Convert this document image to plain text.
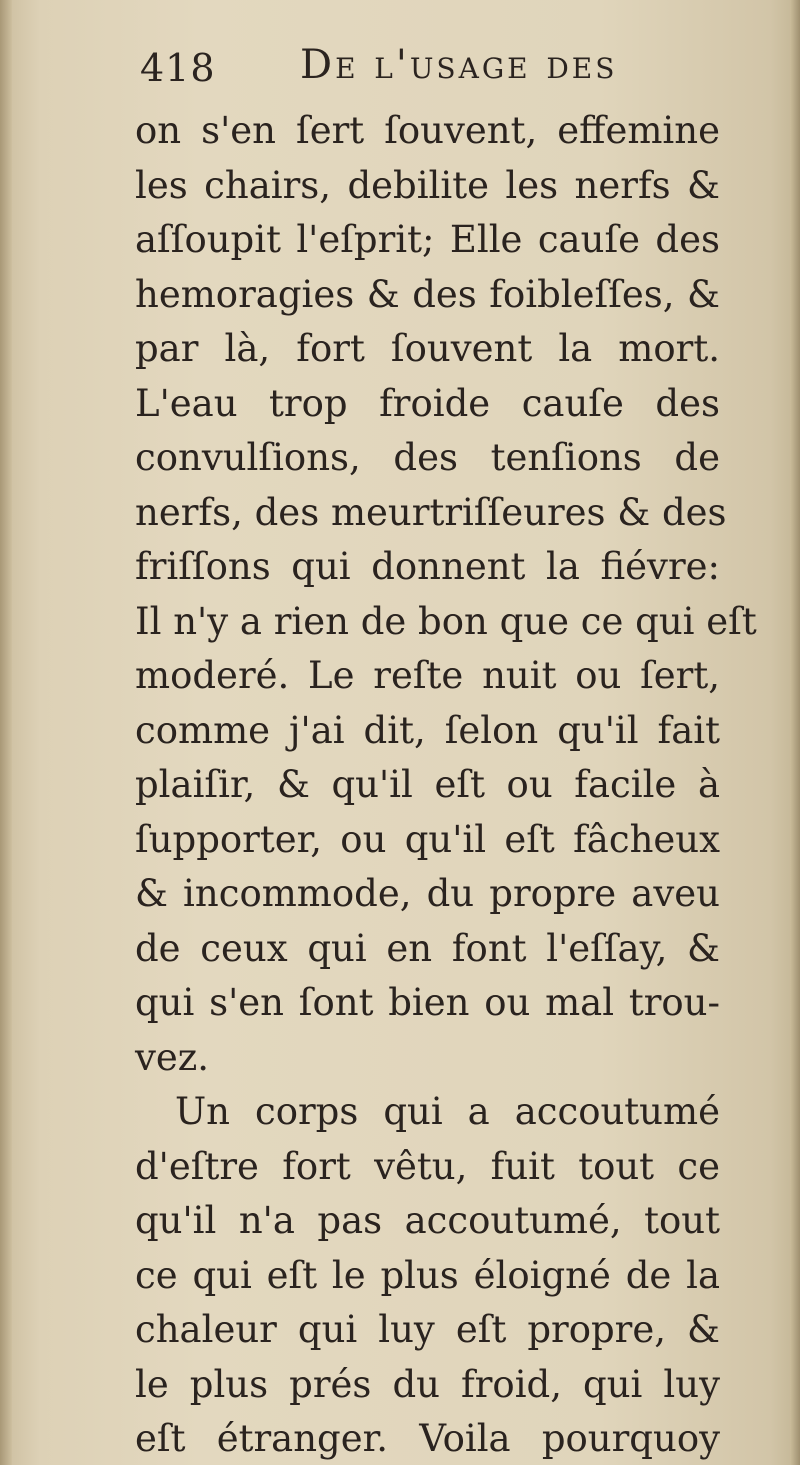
418 De l'usage des
on s'en ſert ſouvent, effemine
les chairs, debilite les nerfs &
aſſoupit l'eſprit; Elle cauſe des
hemoragies & des foibleſſes, &
par là, fort ſouvent la mort.
L'eau trop froide cauſe des
convulſions, des tenſions de
nerfs, des meurtriſſeures & des
friſſons qui donnent la fiévre:
Il n'y a rien de bon que ce qui eſt
moderé. Le reſte nuit ou ſert,
comme j'ai dit, ſelon qu'il fait
plaiſir, & qu'il eſt ou facile à
ſupporter, ou qu'il eſt fâcheux
& incommode, du propre aveu
de ceux qui en font l'eſſay, &
qui s'en ſont bien ou mal trou-
vez.
Un corps qui a accoutumé
d'eſtre fort vêtu, fuit tout ce
qu'il n'a pas accoutumé, tout
ce qui eſt le plus éloigné de la
chaleur qui luy eſt propre, &
le plus prés du froid, qui luy
eſt étranger. Voila pourquoy
